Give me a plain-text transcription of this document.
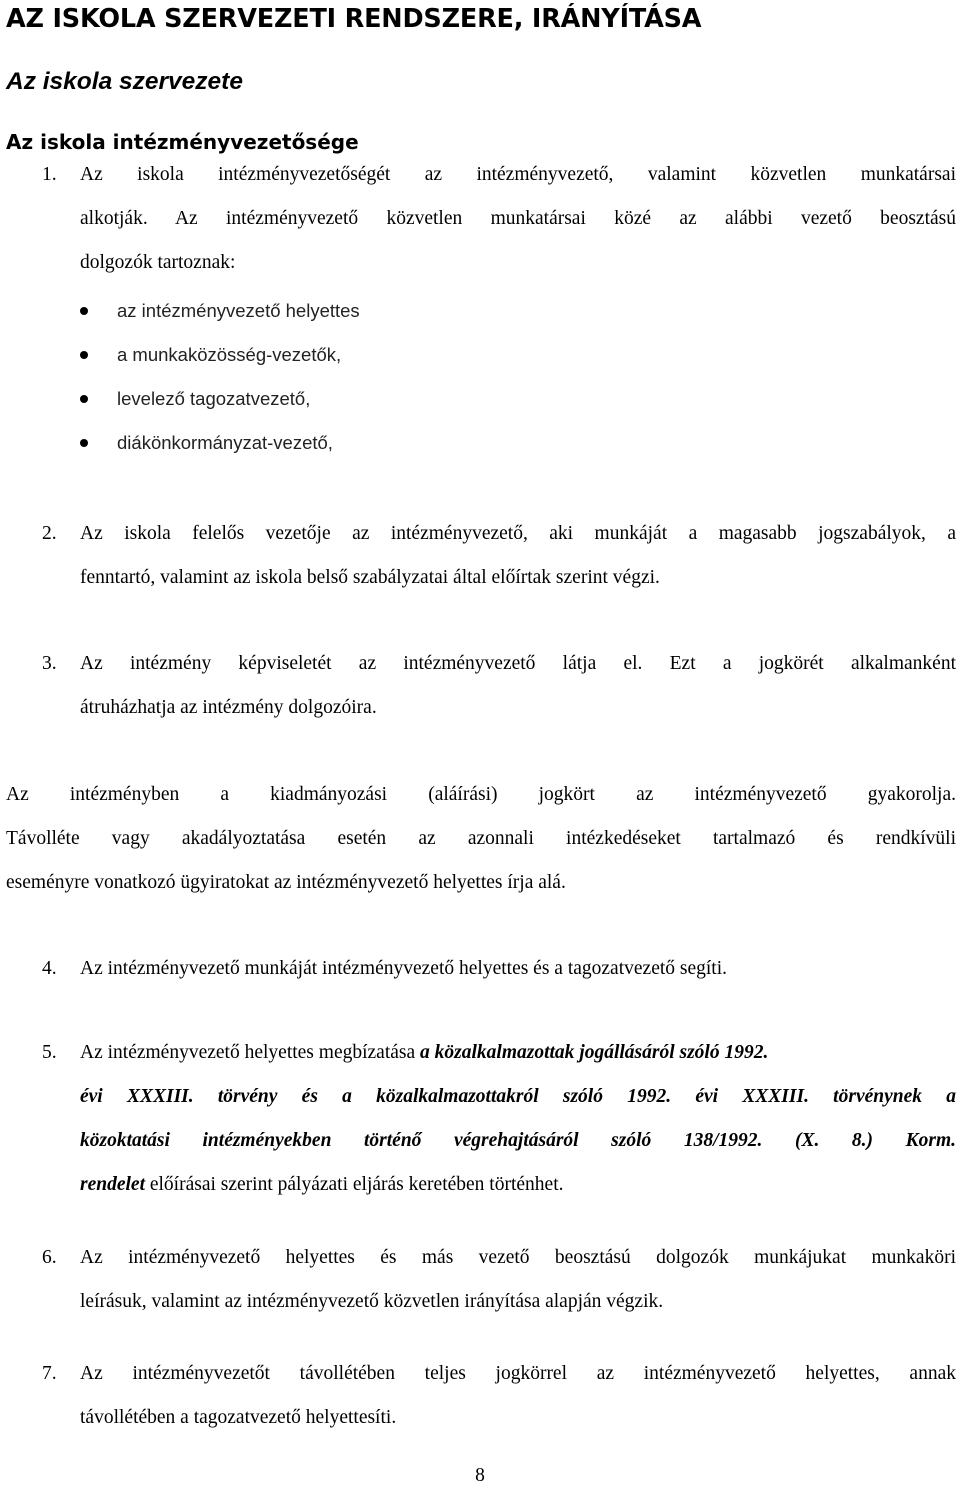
AZ ISKOLA SZERVEZETI RENDSZERE, IRÁNYÍTÁSA
Az iskola szervezete
Az iskola intézményvezetősége
1. Az iskola intézményvezetőségét az intézményvezető, valamint közvetlen munkatársai
alkotják. Az intézményvezető közvetlen munkatársai közé az alábbi vezető beosztású
dolgozók tartoznak:
az intézményvezető helyettes
a munkaközösség-vezetők,
levelező tagozatvezető,
diákönkormányzat-vezető,
2. Az iskola felelős vezetője az intézményvezető, aki munkáját a magasabb jogszabályok, a
fenntartó, valamint az iskola belső szabályzatai által előírtak szerint végzi.
3. Az intézmény képviseletét az intézményvezető látja el. Ezt a jogkörét alkalmanként
átruházhatja az intézmény dolgozóira.
Az intézményben a kiadmányozási (aláírási) jogkört az intézményvezető gyakorolja.
Távolléte vagy akadályoztatása esetén az azonnali intézkedéseket tartalmazó és rendkívüli
eseményre vonatkozó ügyiratokat az intézményvezető helyettes írja alá.
4. Az intézményvezető munkáját intézményvezető helyettes és a tagozatvezető segíti.
5. Az intézményvezető helyettes megbízatása a közalkalmazottak jogállásáról szóló 1992.
évi XXXIII. törvény és a közalkalmazottakról szóló 1992. évi XXXIII. törvénynek a
közoktatási intézményekben történő végrehajtásáról szóló 138/1992. (X. 8.) Korm.
rendelet előírásai szerint pályázati eljárás keretében történhet.
6. Az intézményvezető helyettes és más vezető beosztású dolgozók munkájukat munkaköri
leírásuk, valamint az intézményvezető közvetlen irányítása alapján végzik.
7. Az intézményvezetőt távollétében teljes jogkörrel az intézményvezető helyettes, annak
távollétében a tagozatvezető helyettesíti.
8
